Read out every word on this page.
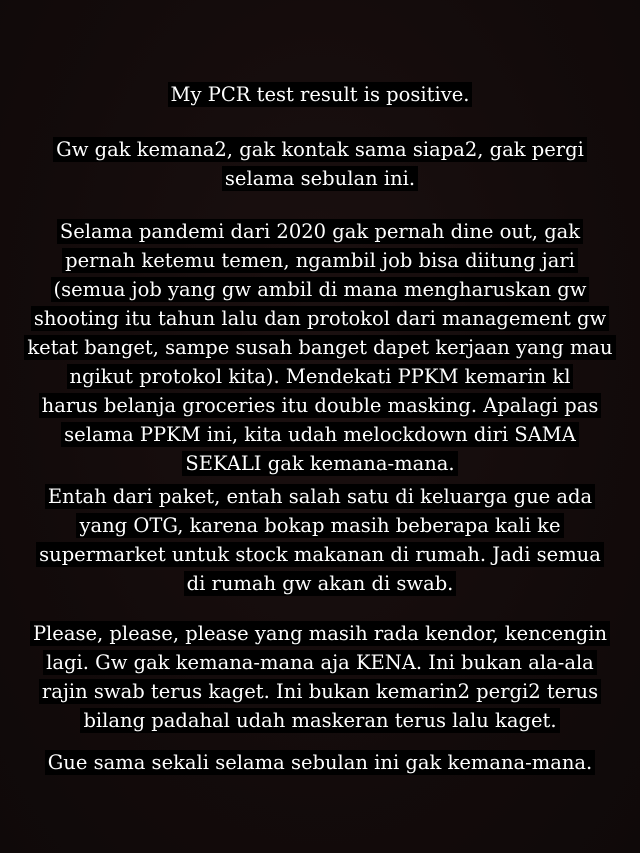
My PCR test result is positive.
Gw gak kemana2, gak kontak sama siapa2, gak pergi
selama sebulan ini.
Selama pandemi dari 2020 gak pernah dine out, gak
pernah ketemu temen, ngambil job bisa diitung jari
(semua job yang gw ambil di mana mengharuskan gw
shooting itu tahun lalu dan protokol dari management gw
ketat banget, sampe susah banget dapet kerjaan yang mau
ngikut protokol kita). Mendekati PPKM kemarin kl
harus belanja groceries itu double masking. Apalagi pas
selama PPKM ini, kita udah melockdown diri SAMA
SEKALI gak kemana-mana.
Entah dari paket, entah salah satu di keluarga gue ada
yang OTG, karena bokap masih beberapa kali ke
supermarket untuk stock makanan di rumah. Jadi semua
di rumah gw akan di swab.
Please, please, please yang masih rada kendor, kencengin
lagi. Gw gak kemana-mana aja KENA. Ini bukan ala-ala
rajin swab terus kaget. Ini bukan kemarin2 pergi2 terus
bilang padahal udah maskeran terus lalu kaget.
Gue sama sekali selama sebulan ini gak kemana-mana.
